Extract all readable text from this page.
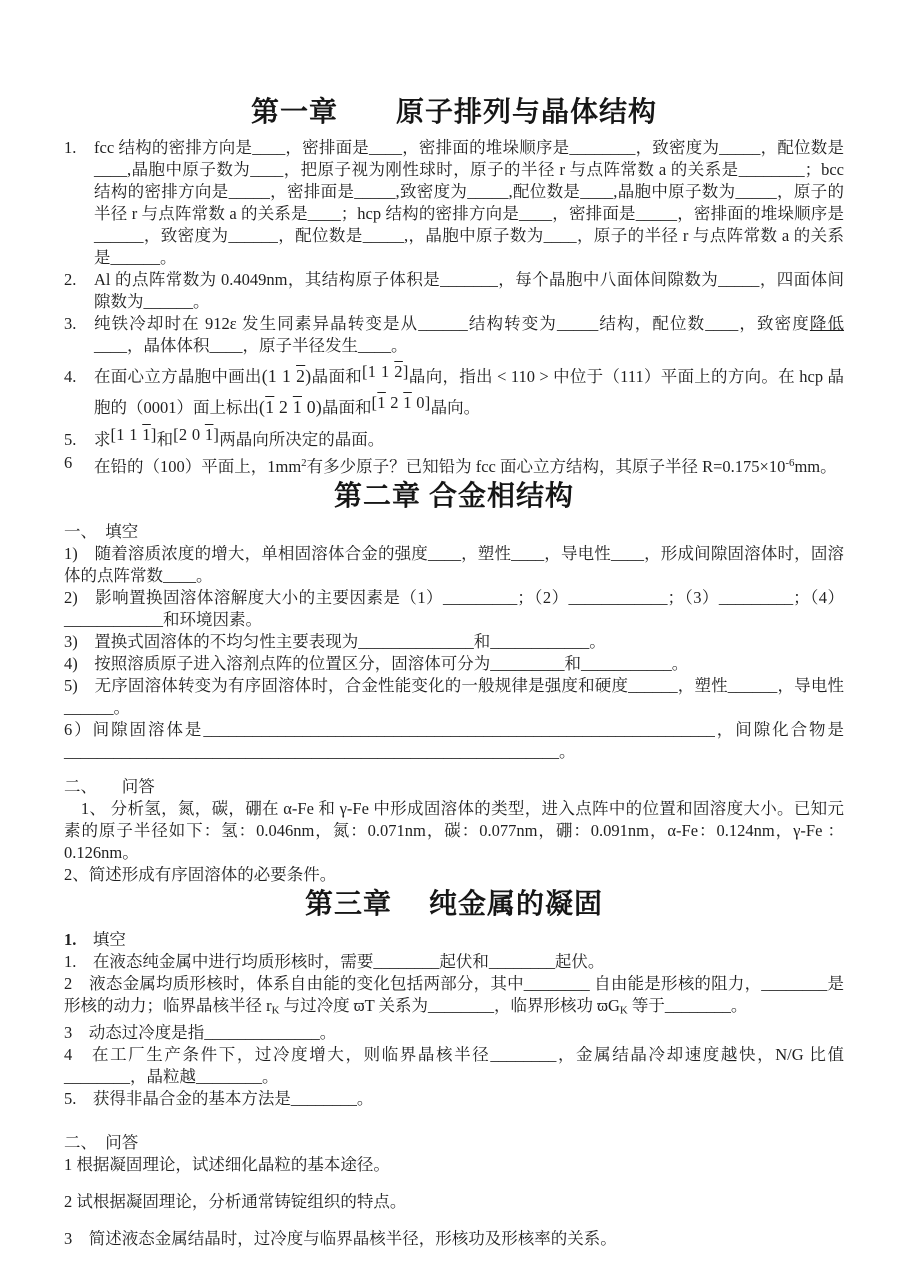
第一章　　原子排列与晶体结构
1.	fcc 结构的密排方向是____，密排面是____，密排面的堆垛顺序是________，致密度为_____，配位数是____,晶胞中原子数为____，把原子视为刚性球时，原子的半径 r 与点阵常数 a 的关系是________；bcc 结构的密排方向是_____，密排面是_____,致密度为_____,配位数是____,晶胞中原子数为_____，原子的半径 r 与点阵常数 a 的关系是____；hcp 结构的密排方向是____，密排面是_____，密排面的堆垛顺序是______，致密度为______，配位数是_____,，晶胞中原子数为____，原子的半径 r 与点阵常数 a 的关系是______。
2.	Al 的点阵常数为 0.4049nm，其结构原子体积是_______，每个晶胞中八面体间隙数为_____，四面体间隙数为______。
3.	纯铁冷却时在 912ε 发生同素异晶转变是从______结构转变为_____结构，配位数____，致密度降低____，晶体体积____，原子半径发生____。
4.	在面心立方晶胞中画出(1 1 2)晶面和[1 1 2]晶向，指出 < 110 > 中位于（111）平面上的方向。在 hcp 晶胞的（0001）面上标出(1 2 1 0)晶面和[1 2 1 0]晶向。
5.	求[1 1 1]和[2 0 1]两晶向所决定的晶面。
6	在铅的（100）平面上，$1mm^2$有多少原子？已知铅为 fcc 面心立方结构，其原子半径 $R=0.175\times 10^{-6}mm$。
第二章 合金相结构
一、　填空
1)　随着溶质浓度的增大，单相固溶体合金的强度____，塑性____，导电性____，形成间隙固溶体时，固溶体的点阵常数____。
2)　影响置换固溶体溶解度大小的主要因素是（1）_________；（2）____________；（3）_________；（4）____________和环境因素。
3)　置换式固溶体的不均匀性主要表现为______________和____________。
4)　按照溶质原子进入溶剂点阵的位置区分，固溶体可分为_________和___________。
5)　无序固溶体转变为有序固溶体时，合金性能变化的一般规律是强度和硬度______，塑性______，导电性______。
6）间隙固溶体是______________________________________________________________，间隙化合物是____________________________________________________________。
二、　　问答
　1、 分析氢，氮，碳，硼在 α-Fe 和 γ-Fe 中形成固溶体的类型，进入点阵中的位置和固溶度大小。已知元素的原子半径如下：氢：0.046nm，氮：0.071nm，碳：0.077nm，硼：0.091nm，α-Fe：0.124nm，γ-Fe ：0.126nm。
2、简述形成有序固溶体的必要条件。
第三章　 纯金属的凝固
1.　填空
1.　在液态纯金属中进行均质形核时，需要________起伏和________起伏。
2　液态金属均质形核时，体系自由能的变化包括两部分，其中________ 自由能是形核的阻力，________是形核的动力；临界晶核半径 rK 与过冷度 ϖT 关系为________，临界形核功 ϖGK 等于________。
3　动态过冷度是指______________。
4　在工厂生产条件下，过冷度增大，则临界晶核半径________，金属结晶冷却速度越快，N/G 比值________，晶粒越________。
5.　获得非晶合金的基本方法是________。
二、　问答
1 根据凝固理论，试述细化晶粒的基本途径。
2 试根据凝固理论，分析通常铸锭组织的特点。
3　简述液态金属结晶时，过冷度与临界晶核半径，形核功及形核率的关系。
